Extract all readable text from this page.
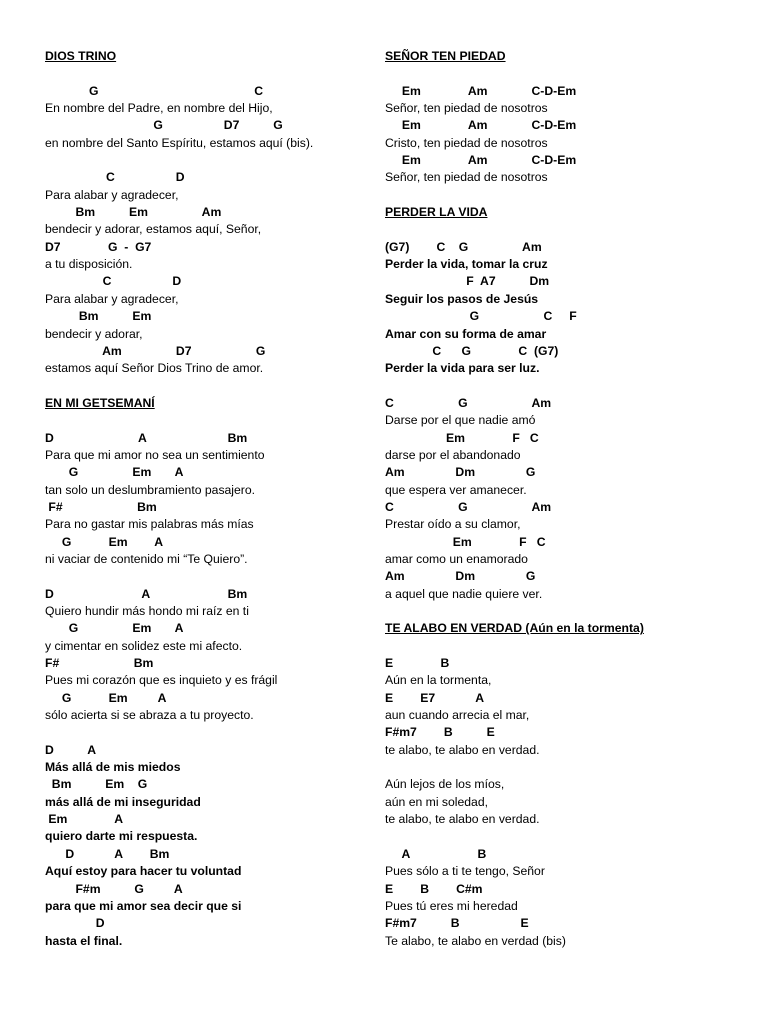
DIOS TRINO
G                                              C
En nombre del Padre, en nombre del Hijo,
G                  D7          G
en nombre del Santo Espíritu, estamos aquí (bis).
C                  D
Para alabar y agradecer,
Bm          Em                Am
bendecir y adorar, estamos aquí, Señor,
D7              G  -  G7
a tu disposición.
C                  D
Para alabar y agradecer,
Bm          Em
bendecir y adorar,
Am                D7                   G
estamos aquí Señor Dios Trino de amor.
EN MI GETSEMANÍ
D                         A                        Bm
Para que mi amor no sea un sentimiento
G                Em       A
tan solo un deslumbramiento pasajero.
F#                      Bm
Para no gastar mis palabras más mías
G           Em        A
ni vaciar de contenido mi “Te Quiero”.
D                          A                       Bm
Quiero hundir más hondo mi raíz en ti
G                Em       A
y cimentar en solidez este mi afecto.
F#                      Bm
Pues mi corazón que es inquieto y es frágil
G           Em         A
sólo acierta si se abraza a tu proyecto.
D          A
Más allá de mis miedos
Bm          Em    G
más allá de mi inseguridad
Em              A
quiero darte mi respuesta.
D            A        Bm
Aquí estoy para hacer tu voluntad
F#m          G         A
para que mi amor sea decir que si
D
hasta el final.
SEÑOR TEN PIEDAD
Em              Am             C-D-Em
Señor, ten piedad de nosotros
Em              Am             C-D-Em
Cristo, ten piedad de nosotros
Em              Am             C-D-Em
Señor, ten piedad de nosotros
PERDER LA VIDA
(G7)        C    G                Am
Perder la vida, tomar la cruz
F  A7          Dm
Seguir los pasos de Jesús
G                   C     F
Amar con su forma de amar
C      G              C  (G7)
Perder la vida para ser luz.
C                   G                   Am
Darse por el que nadie amó
Em              F   C
darse por el abandonado
Am               Dm               G
que espera ver amanecer.
C                   G                   Am
Prestar oído a su clamor,
Em              F   C
amar como un enamorado
Am               Dm               G
a aquel que nadie quiere ver.
TE ALABO EN VERDAD (Aún en la tormenta)
E              B
Aún en la tormenta,
E        E7            A
aun cuando arrecia el mar,
F#m7        B          E
te alabo, te alabo en verdad.
Aún lejos de los míos,
aún en mi soledad,
te alabo, te alabo en verdad.
A                    B
Pues sólo a ti te tengo, Señor
E        B        C#m
Pues tú eres mi heredad
F#m7          B                  E
Te alabo, te alabo en verdad (bis)
